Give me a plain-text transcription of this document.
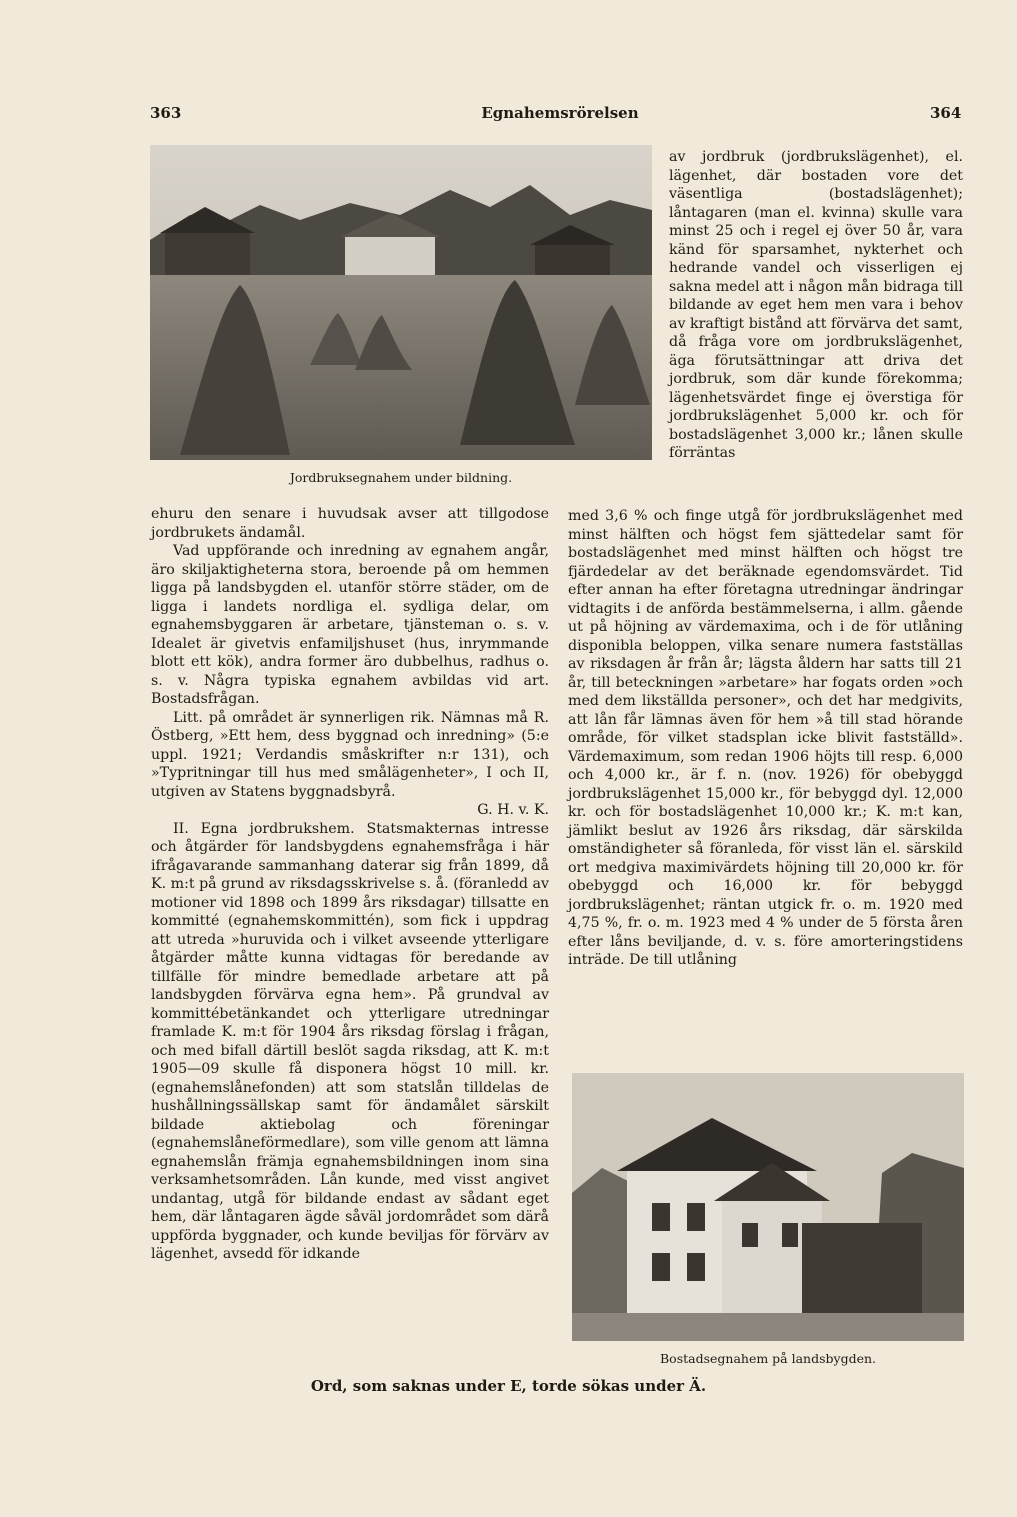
363	Egnahemsrörelsen	364
Jordbruksegnahem under bildning.

ehuru den senare i huvudsak avser att tillgodose jordbrukets ändamål.

Vad uppförande och inredning av egnahem angår, äro skiljaktigheterna stora, beroende på om hemmen ligga på landsbygden el. utanför större städer, om de ligga i landets nordliga el. sydliga delar, om egnahemsbyggaren är arbetare, tjänsteman o. s. v. Idealet är givetvis enfamiljshuset (hus, inrymmande blott ett kök), andra former äro dubbelhus, radhus o. s. v. Några typiska egnahem avbildas vid art. Bostadsfrågan.

Litt. på området är synnerligen rik. Nämnas må R. Östberg, »Ett hem, dess byggnad och inredning» (5:e uppl. 1921; Verdandis småskrifter n:r 131), och »Typritningar till hus med smålägenheter», I och II, utgiven av Statens byggnadsbyrå.

G. H. v. K.

II. Egna jordbrukshem. Statsmakternas intresse och åtgärder för landsbygdens egnahemsfråga i här ifrågavarande sammanhang daterar sig från 1899, då K. m:t på grund av riksdagsskrivelse s. å. (föranledd av motioner vid 1898 och 1899 års riksdagar) tillsatte en kommitté (egnahemskommittén), som fick i uppdrag att utreda »huruvida och i vilket avseende ytterligare åtgärder måtte kunna vidtagas för beredande av tillfälle för mindre bemedlade arbetare att på landsbygden förvärva egna hem». På grundval av kommittébetänkandet och ytterligare utredningar framlade K. m:t för 1904 års riksdag förslag i frågan, och med bifall därtill beslöt sagda riksdag, att K. m:t 1905—09 skulle få disponera högst 10 mill. kr. (egnahemslånefonden) att som statslån tilldelas de hushållningssällskap samt för ändamålet särskilt bildade aktiebolag och föreningar (egnahemslåneförmedlare), som ville genom att lämna egnahemslån främja egnahemsbildningen inom sina verksamhetsområden. Lån kunde, med visst angivet undantag, utgå för bildande endast av sådant eget hem, där låntagaren ägde såväl jordområdet som därå uppförda byggnader, och kunde beviljas för förvärv av lägenhet, avsedd för idkande

av jordbruk (jordbrukslägenhet), el. lägenhet, där bostaden vore det väsentliga (bostadslägenhet); låntagaren (man el. kvinna) skulle vara minst 25 och i regel ej över 50 år, vara känd för sparsamhet, nykterhet och hedrande vandel och visserligen ej sakna medel att i någon mån bidraga till bildande av eget hem men vara i behov av kraftigt bistånd att förvärva det samt, då fråga vore om jordbrukslägenhet, äga förutsättningar att driva det jordbruk, som där kunde förekomma; lägenhetsvärdet finge ej överstiga för jordbrukslägenhet 5,000 kr. och för bostadslägenhet 3,000 kr.; lånen skulle förräntas
med 3,6 % och finge utgå för jordbrukslägenhet med minst hälften och högst fem sjättedelar samt för bostadslägenhet med minst hälften och högst tre fjärdedelar av det beräknade egendomsvärdet. Tid efter annan ha efter företagna utredningar ändringar vidtagits i de anförda bestämmelserna, i allm. gående ut på höjning av värdemaxima, och i de för utlåning disponibla beloppen, vilka senare numera fastställas av riksdagen år från år; lägsta åldern har satts till 21 år, till beteckningen »arbetare» har fogats orden »och med dem likställda personer», och det har medgivits, att lån får lämnas även för hem »å till stad hörande område, för vilket stadsplan icke blivit fastställd». Värdemaximum, som redan 1906 höjts till resp. 6,000 och 4,000 kr., är f. n. (nov. 1926) för obebyggd jordbrukslägenhet 15,000 kr., för bebyggd dyl. 12,000 kr. och för bostadslägenhet 10,000 kr.; K. m:t kan, jämlikt beslut av 1926 års riksdag, där särskilda omständigheter så föranleda, för visst län el. särskild ort medgiva maximivärdets höjning till 20,000 kr. för obebyggd och 16,000 kr. för bebyggd jordbrukslägenhet; räntan utgick fr. o. m. 1920 med 4,75 %, fr. o. m. 1923 med 4 % under de 5 första åren efter låns beviljande, d. v. s. före amorteringstidens inträde. De till utlåning
Bostadsegnahem på landsbygden.
Ord, som saknas under E, torde sökas under Ä.
